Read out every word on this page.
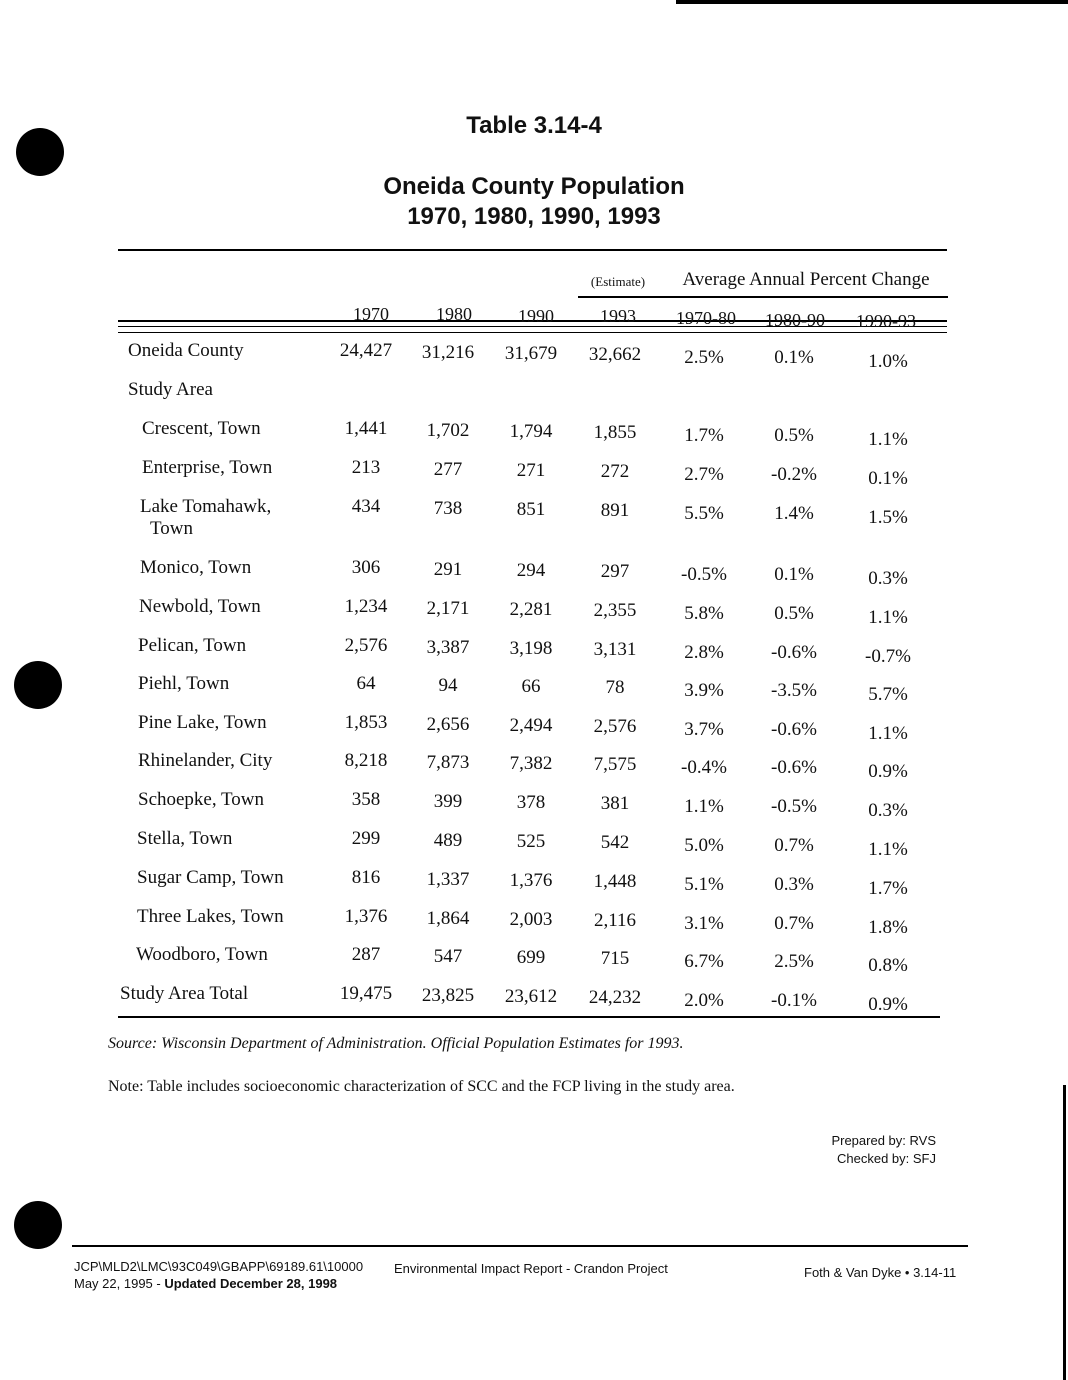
Table 3.14-4
Oneida County Population
1970, 1980, 1990, 1993
(Estimate)	Average Annual Percent Change
1970	1980	1990	1993	1970-80	1980-90	1990-93
Oneida County	24,427	31,216	31,679	32,662	2.5%	0.1%	1.0%
Study Area
Crescent, Town	1,441	1,702	1,794	1,855	1.7%	0.5%	1.1%
Enterprise, Town	213	277	271	272	2.7%	-0.2%	0.1%
Lake Tomahawk,
Town
434	738	851	891	5.5%	1.4%	1.5%
Monico, Town	306	291	294	297	-0.5%	0.1%	0.3%
Newbold, Town	1,234	2,171	2,281	2,355	5.8%	0.5%	1.1%
Pelican, Town	2,576	3,387	3,198	3,131	2.8%	-0.6%	-0.7%
Piehl, Town	64	94	66	78	3.9%	-3.5%	5.7%
Pine Lake, Town	1,853	2,656	2,494	2,576	3.7%	-0.6%	1.1%
Rhinelander, City	8,218	7,873	7,382	7,575	-0.4%	-0.6%	0.9%
Schoepke, Town	358	399	378	381	1.1%	-0.5%	0.3%
Stella, Town	299	489	525	542	5.0%	0.7%	1.1%
Sugar Camp, Town	816	1,337	1,376	1,448	5.1%	0.3%	1.7%
Three Lakes, Town	1,376	1,864	2,003	2,116	3.1%	0.7%	1.8%
Woodboro, Town	287	547	699	715	6.7%	2.5%	0.8%
Study Area Total	19,475	23,825	23,612	24,232	2.0%	-0.1%	0.9%
Source: Wisconsin Department of Administration. Official Population Estimates for 1993.
Note: Table includes socioeconomic characterization of SCC and the FCP living in the study area.
Prepared by: RVS
Checked by: SFJ
JCP\MLD2\LMC\93C049\GBAPP\69189.61\10000
May 22, 1995 - Updated December 28, 1998
Environmental Impact Report - Crandon Project	Foth & Van Dyke • 3.14-11
